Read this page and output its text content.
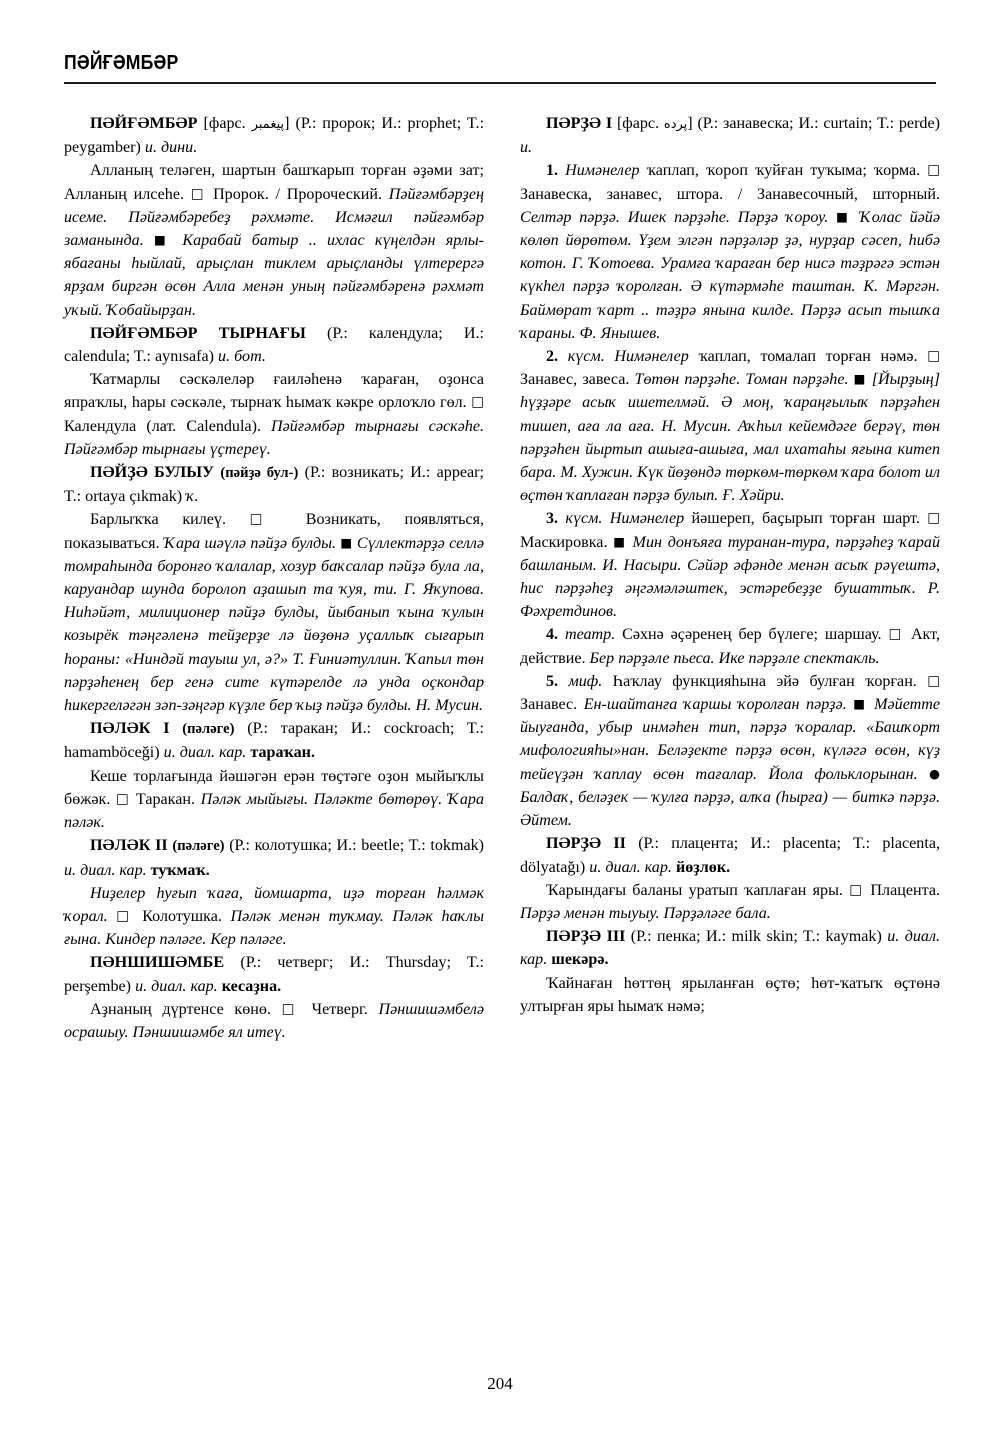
ПӘЙҒӘМБӘР

ПӘЙҒӘМБӘР [фарс. پیغمبر] (Р.: пророк; И.: prophet; T.: peygamber) и. дини.

Алланың теләген, шартын башҡарып торған әҙәми зат; Алланың илсеһе. □ Пророк. / Пророческий. Пәйғәмбәрҙең исеме. Пәйғәмбәребеҙ рәхмәте. Исмәғил пәйғәмбәр заманында. ■ Карабай батыр .. ихлас күңелдән ярлы-ябағаны һыйлай, арыҫлан тиклем арыҫланды үлтерергә ярҙам биргән өсөн Алла менән уның пәйғәмбәренә рәхмәт уҡый. Ҡобайырҙан.

ПӘЙҒӘМБӘР ТЫРНАҒЫ (Р.: календула; И.: calendula; T.: aynısafa) и. бот.

Ҡатмарлы сәскәлеләр ғаиләһенә ҡараған, оҙонса япраҡлы, һары сәскәле, тырнаҡ һымаҡ кәкре орлоҡло гөл. □ Календула (лат. Calendula). Пәйғәмбәр тырнағы сәскәһе. Пәйғәмбәр тырнағы үҫтереү.

ПӘЙҘӘ БУЛЫУ (пәйҙә бул-) (Р.: возникать; И.: appear; T.: ortaya çıkmak) ҡ.

Барлыҡҡа килеү. □ Возникать, появляться, показываться. Ҡара шәүлә пәйҙә булды. ■ Сүллектәрҙә селлә томраһында боронғо ҡалалар, хозур баҡсалар пәйҙә була ла, каруандар шунда боролоп аҙашып та ҡуя, ти. Г. Яҡупова. Ниһәйәт, милиционер пәйҙә булды, йыбанып ҡына ҡулын козырёк тәңгәленә тейҙерҙе лә йөҙөнә уҫаллыҡ сығарып һораны: «Ниндәй тауыш ул, ә?» Т. Ғиниәтуллин. Ҡапыл төн пәрҙәһенең бер генә сите күтәрелде лә унда оҫкондар һикергеләгән зәп-зәңгәр күҙле бер ҡыҙ пәйҙә булды. Н. Мусин.

ПӘЛӘК I (пәләге) (Р.: таракан; И.: cockroach; T.: hamamböceği) и. диал. кар. тараҡан.

Кеше торлағында йәшәгән ерән төҫтәге оҙон мыйыҡлы бөжәк. □ Таракан. Пәләк мыйығы. Пәләкте бөтөрөү. Ҡара пәләк.

ПӘЛӘК II (пәләге) (Р.: колотушка; И.: beetle; T.: tokmak) и. диал. кар. туҡмаҡ.

Ниҙелер һуғып ҡаға, йомшарта, иҙә торған һәлмәк ҡорал. □ Колотушка. Пәләк менән туҡмау. Пәләк һаҡлы ғына. Киндер пәләге. Кер пәләге.

ПӘНШИШӘМБЕ (Р.: четверг; И.: Thursday; T.: perşembe) и. диал. кар. кесаҙна.

Аҙнаның дүртенсе көнө. □ Четверг. Пәншишәмбелә осрашыу. Пәншишәмбе ял итеү.

ПӘРҘӘ I [фарс. پرده] (Р.: занавеска; И.: curtain; T.: perde) и.

1. Нимәнелер ҡаплап, ҡороп ҡуйған туҡыма; ҡорма. □ Занавеска, занавес, штора. / Занавесочный, шторный. Селтәр пәрҙә. Ишек пәрҙәһе. Пәрҙә ҡороу. ■ Ҡолас йәйә көлөп йөрөтөм. Үҙем элгән пәрҙәләр ҙә, нурҙар сәсеп, һибә котон. Г. Ҡотоева. Урамға ҡараған бер нисә тәҙрәгә эстән күкһел пәрҙә ҡоролған. Ә күтәрмәһе таштан. К. Мәргән. Баймөрат ҡарт .. тәҙрә янына килде. Пәрҙә асып тышҡа ҡараны. Ф. Янышев.

2. күсм. Нимәнелер ҡаплап, томалап торған нәмә. □ Занавес, завеса. Төтөн пәрҙәһе. Томан пәрҙәһе. ■ [Йырҙың] һүҙҙәре асыҡ ишетелмәй. Ә моң, ҡараңғылыҡ пәрҙәһен тишеп, аға ла аға. Н. Мусин. Аҡһыл кейемдәге берәү, төн пәрҙәһен йыртып ашыға-ашыға, мал ихатаһы яғына китеп бара. М. Хужин. Күк йөҙөндә төркөм-төркөм ҡара болот ил өҫтөн ҡаплаған пәрҙә булып. Ғ. Хәйри.

3. күсм. Нимәнелер йәшереп, баҫырып торған шарт. □ Маскировка. ■ Мин донъяға туранан-тура, пәрҙәһеҙ ҡарай башланым. И. Насыри. Сәйәр әфәнде менән асыҡ рәүештә, һис пәрҙәһеҙ әңгәмәләштек, эстәребеҙҙе бушаттыҡ. Р. Фәхретдинов.

4. театр. Сәхнә әҫәренең бер бүлеге; шаршау. □ Акт, действие. Бер пәрҙәле пьеса. Ике пәрҙәле спектакль.

5. миф. Һаҡлау функцияһына эйә булған ҡорған. □ Занавес. Ен-шайтанға ҡаршы ҡоролған пәрҙә. ■ Мәйетте йыуғанда, убыр инмәһен тип, пәрҙә ҡоралар. «Башҡорт мифологияһы»нан. Беләҙекте пәрҙә өсөн, күләгә өсөн, күҙ тейеүҙән ҡаплау өсөн тағалар. Йола фольклорынан. ● Балдаҡ, беләҙек — ҡулға пәрҙә, алҡа (һырға) — биткә пәрҙә. Әйтем.

ПӘРҘӘ II (Р.: плацента; И.: placenta; T.: placenta, dölyatağı) и. диал. кар. йөҙлөк.

Ҡарындағы баланы уратып ҡаплаған яры. □ Плацента. Пәрҙә менән тыуыу. Пәрҙәләге бала.

ПӘРҘӘ III (Р.: пенка; И.: milk skin; T.: kaymak) и. диал. кар. шекәрә.

Ҡайнаған һөттөң ярыланған өҫтө; һөт-ҡатыҡ өҫтөнә ултырған яры һымаҡ нәмә;

204
